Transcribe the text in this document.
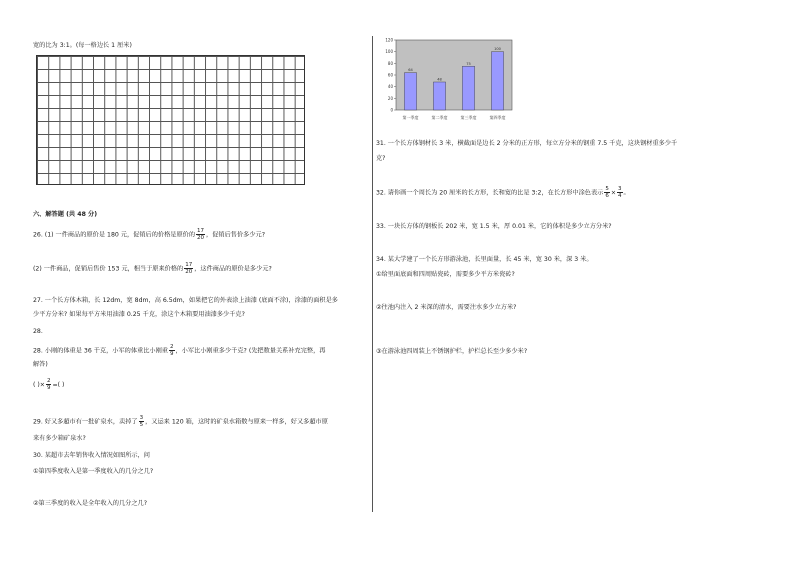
宽的比为 3:1。(每一格边长 1 厘米)
六、解答题 (共 48 分)
26. (1) 一件商品的原价是 180 元，促销后的价格是原价的 $\frac{17}{20}$ ，促销后售价多少元?
(2) 一件商品，促销后售价 153 元，相当于原来价格的 $\frac{17}{20}$ ，这件商品的原价是多少元?
27. 一个长方体木箱，长 12dm，宽 8dm，高 6.5dm，如果把它的外表涂上油漆 (底面不涂)，涂漆的面积是多
少平方分米? 如果每平方米用油漆 0.25 千克，涂这个木箱要用油漆多少千克?
28.
28. 小刚的体重是 36 千克，小军的体重比小刚重 $\frac{2}{9}$ ，小军比小刚重多少千克? (先把数量关系补充完整，再
解答)
( )× $\frac{2}{9}$ =( )
29. 好又多超市有一批矿泉水，卖掉了 $\frac{3}{5}$ ，又运来 120 箱，这时的矿泉水箱数与原来一样多，好又多超市原
来有多少箱矿泉水?
30. 某超市去年销售收入情况如图所示，问
①第四季度收入是第一季度收入的几分之几?
②第三季度的收入是全年收入的几分之几?
0
20
40
60
80
100
120
64
第一季度
48
第二季度
75
第三季度
100
第四季度
31. 一个长方体钢材长 3 米，横截面是边长 2 分米的正方形，每立方分米的钢重 7.5 千克，这块钢材重多少千
克?
32. 请你画一个周长为 20 厘米的长方形，长和宽的比是 3:2，在长方形中涂色表示 $\frac{5}{6} \times \frac{3}{4}$ 。
33. 一块长方体的钢板长 202 米，宽 1.5 米，厚 0.01 米，它的体积是多少立方分米?
34. 某大学建了一个长方形游泳池，长里面量，长 45 米，宽 30 米，深 3 米。
①给里面底面和四周贴瓷砖，需要多少平方米瓷砖?
②往池内注入 2 米深的清水，需要注水多少立方米?
③在游泳池四周装上不锈钢护栏，护栏总长至少多少米?
